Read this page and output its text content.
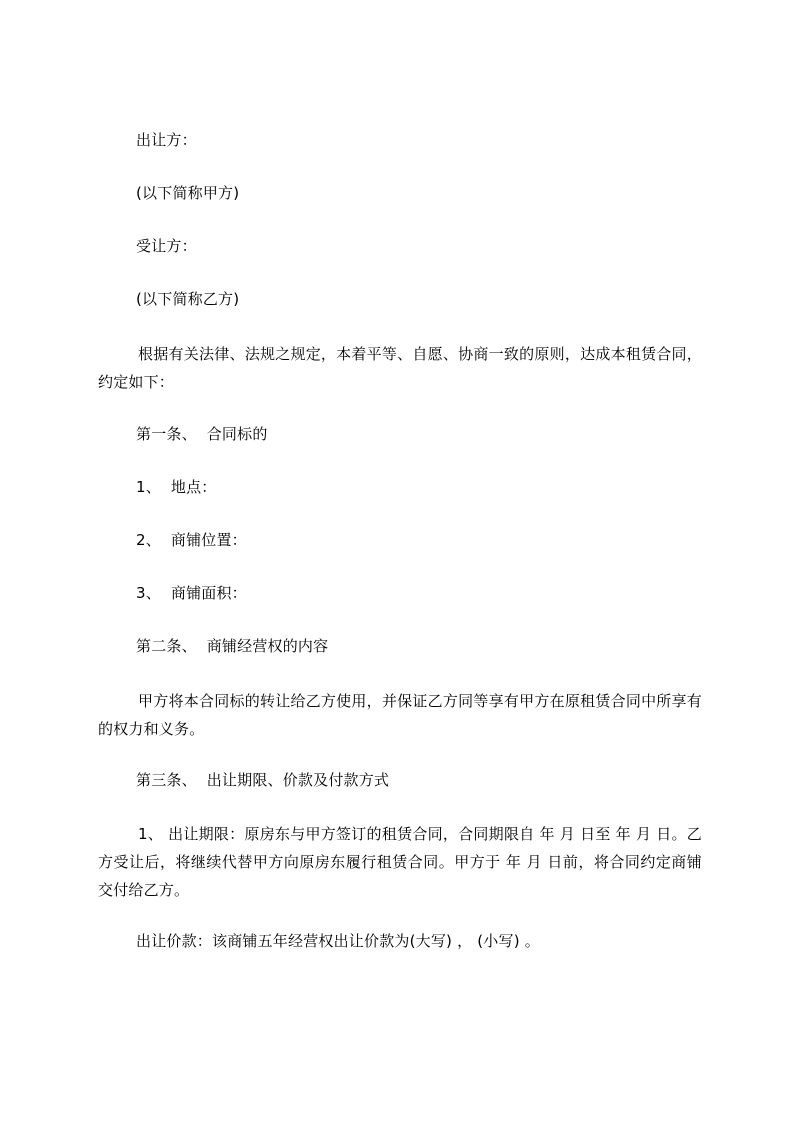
出让方：
(以下简称甲方)
受让方：
(以下简称乙方)
根据有关法律、法规之规定，本着平等、自愿、协商一致的原则，达成本租赁合同，约定如下：
第一条、  合同标的
1、  地点：
2、  商铺位置：
3、  商铺面积：
第二条、  商铺经营权的内容
甲方将本合同标的转让给乙方使用，并保证乙方同等享有甲方在原租赁合同中所享有的权力和义务。
第三条、  出让期限、价款及付款方式
1、 出让期限：原房东与甲方签订的租赁合同，合同期限自 年 月 日至 年 月 日。乙方受让后，将继续代替甲方向原房东履行租赁合同。甲方于 年 月 日前，将合同约定商铺交付给乙方。
出让价款：该商铺五年经营权出让价款为(大写) ， (小写) 。
